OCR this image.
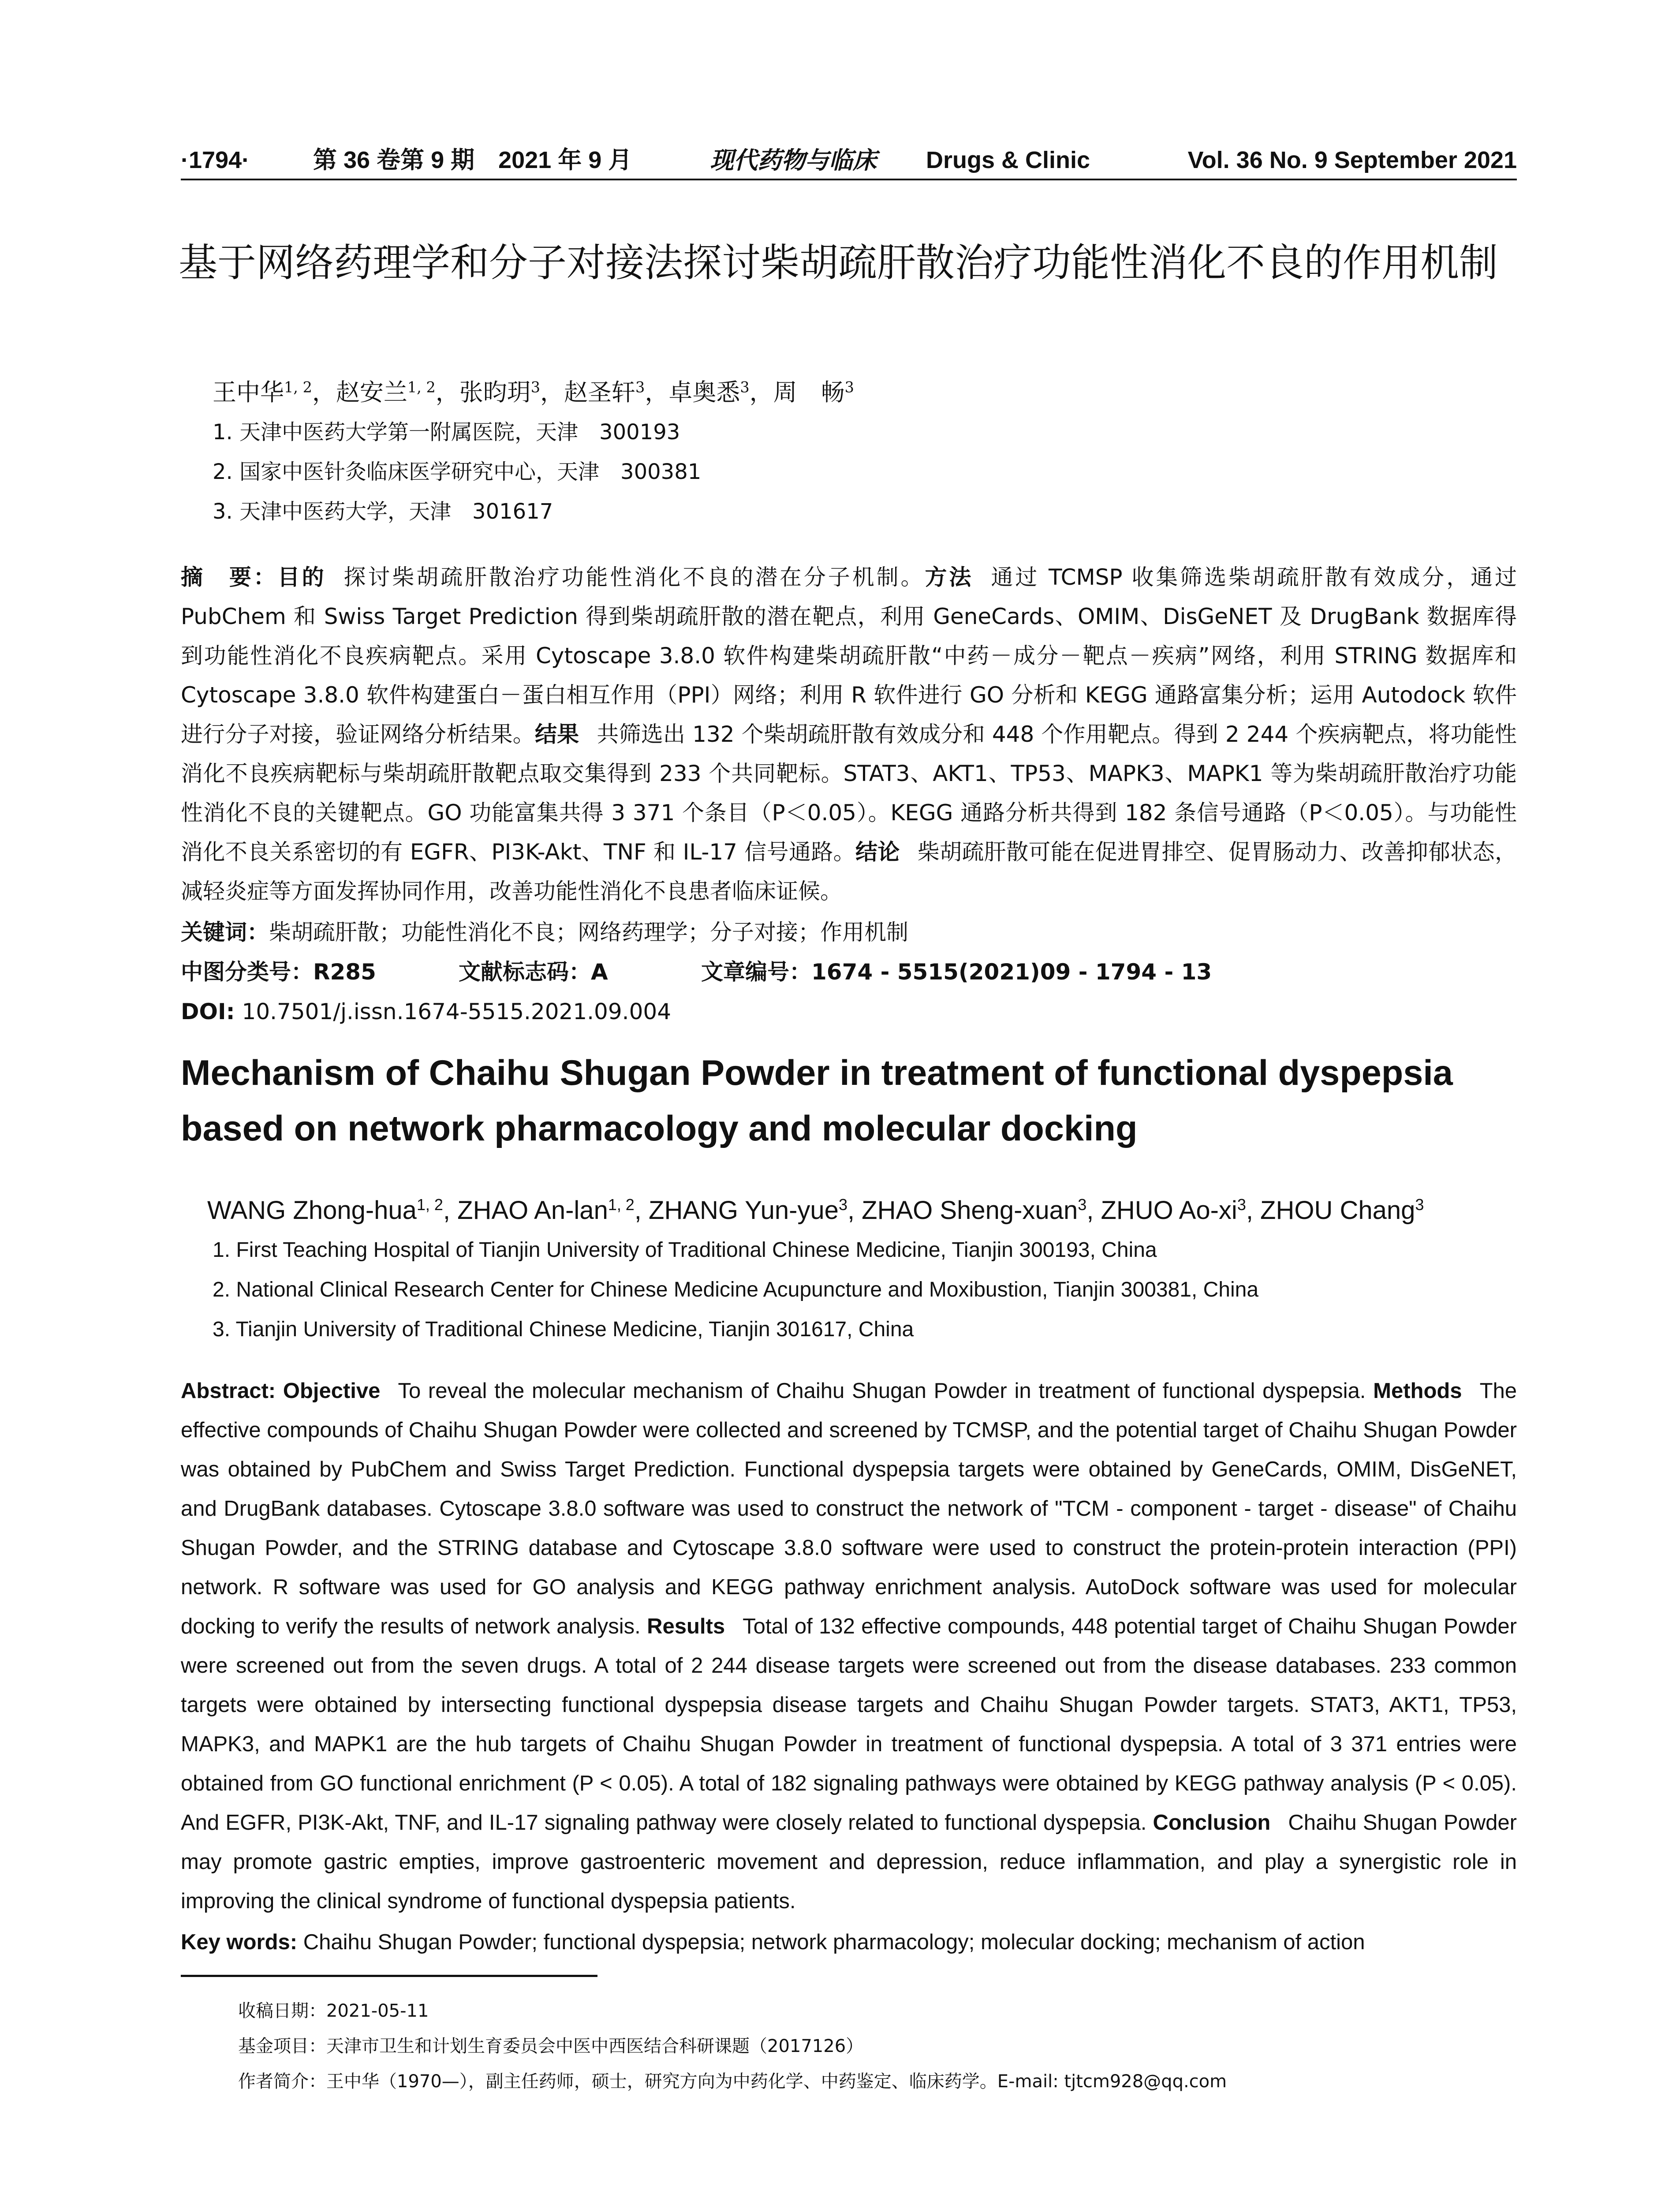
·1794·	第 36 卷第 9 期　2021 年 9 月	现代药物与临床 Drugs & Clinic	Vol. 36 No. 9 September 2021
基于网络药理学和分子对接法探讨柴胡疏肝散治疗功能性消化不良的作用机制
王中华$^{1, 2}$，赵安兰$^{1, 2}$，张昀玥$^3$，赵圣轩$^3$，卓奥悉$^3$，周　畅$^3$
1. 天津中医药大学第一附属医院，天津　300193
2. 国家中医针灸临床医学研究中心，天津　300381
3. 天津中医药大学，天津　301617
摘　要：目的 探讨柴胡疏肝散治疗功能性消化不良的潜在分子机制。方法 通过 TCMSP 收集筛选柴胡疏肝散有效成分，通过 PubChem 和 Swiss Target Prediction 得到柴胡疏肝散的潜在靶点，利用 GeneCards、OMIM、DisGeNET 及 DrugBank 数据库得到功能性消化不良疾病靶点。采用 Cytoscape 3.8.0 软件构建柴胡疏肝散“中药－成分－靶点－疾病”网络，利用 STRING 数据库和 Cytoscape 3.8.0 软件构建蛋白－蛋白相互作用（PPI）网络；利用 R 软件进行 GO 分析和 KEGG 通路富集分析；运用 Autodock 软件进行分子对接，验证网络分析结果。结果 共筛选出 132 个柴胡疏肝散有效成分和 448 个作用靶点。得到 2 244 个疾病靶点，将功能性消化不良疾病靶标与柴胡疏肝散靶点取交集得到 233 个共同靶标。STAT3、AKT1、TP53、MAPK3、MAPK1 等为柴胡疏肝散治疗功能性消化不良的关键靶点。GO 功能富集共得 3 371 个条目（P＜0.05）。KEGG 通路分析共得到 182 条信号通路（P＜0.05）。与功能性消化不良关系密切的有 EGFR、PI3K-Akt、TNF 和 IL-17 信号通路。结论 柴胡疏肝散可能在促进胃排空、促胃肠动力、改善抑郁状态，减轻炎症等方面发挥协同作用，改善功能性消化不良患者临床证候。
关键词：柴胡疏肝散；功能性消化不良；网络药理学；分子对接；作用机制
中图分类号：R285	文献标志码：A	文章编号：1674 - 5515(2021)09 - 1794 - 13
DOI: 10.7501/j.issn.1674-5515.2021.09.004
Mechanism of Chaihu Shugan Powder in treatment of functional dyspepsia based on network pharmacology and molecular docking
WANG Zhong-hua$^{1, 2}$, ZHAO An-lan$^{1, 2}$, ZHANG Yun-yue$^3$, ZHAO Sheng-xuan$^3$, ZHUO $Ao-xi^3$, ZHOU Chang$^3$
1. First Teaching Hospital of Tianjin University of Traditional Chinese Medicine, Tianjin 300193, China
2. National Clinical Research Center for Chinese Medicine Acupuncture and Moxibustion, Tianjin 300381, China
3. Tianjin University of Traditional Chinese Medicine, Tianjin 301617, China
Abstract: Objective To reveal the molecular mechanism of Chaihu Shugan Powder in treatment of functional dyspepsia. Methods The effective compounds of Chaihu Shugan Powder were collected and screened by TCMSP, and the potential target of Chaihu Shugan Powder was obtained by PubChem and Swiss Target Prediction. Functional dyspepsia targets were obtained by GeneCards, OMIM, DisGeNET, and DrugBank databases. Cytoscape 3.8.0 software was used to construct the network of "TCM - component - target - disease" of Chaihu Shugan Powder, and the STRING database and Cytoscape 3.8.0 software were used to construct the protein-protein interaction (PPI) network. R software was used for GO analysis and KEGG pathway enrichment analysis. AutoDock software was used for molecular docking to verify the results of network analysis. Results Total of 132 effective compounds, 448 potential target of Chaihu Shugan Powder were screened out from the seven drugs. A total of 2 244 disease targets were screened out from the disease databases. 233 common targets were obtained by intersecting functional dyspepsia disease targets and Chaihu Shugan Powder targets. STAT3, AKT1, TP53, MAPK3, and MAPK1 are the hub targets of Chaihu Shugan Powder in treatment of functional dyspepsia. A total of 3 371 entries were obtained from GO functional enrichment (P < 0.05). A total of 182 signaling pathways were obtained by KEGG pathway analysis (P < 0.05). And EGFR, PI3K-Akt, TNF, and IL-17 signaling pathway were closely related to functional dyspepsia. Conclusion Chaihu Shugan Powder may promote gastric empties, improve gastroenteric movement and depression, reduce inflammation, and play a synergistic role in improving the clinical syndrome of functional dyspepsia patients.
Key words: Chaihu Shugan Powder; functional dyspepsia; network pharmacology; molecular docking; mechanism of action
收稿日期：2021-05-11
基金项目：天津市卫生和计划生育委员会中医中西医结合科研课题（2017126）
作者简介：王中华（1970—），副主任药师，硕士，研究方向为中药化学、中药鉴定、临床药学。E-mail: tjtcm928@qq.com
